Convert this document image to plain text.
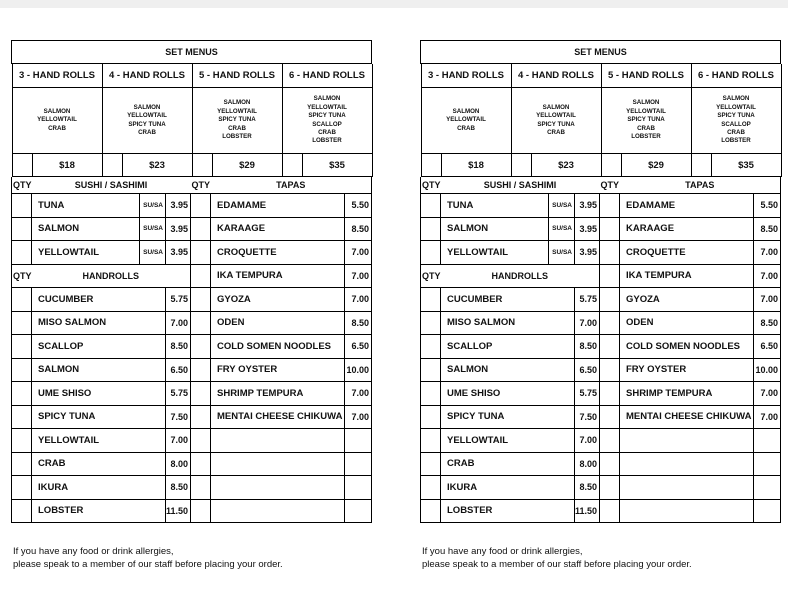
SET MENUS

3 - HAND ROLLS	4 - HAND ROLLS	5 - HAND ROLLS	6 - HAND ROLLS

SALMON
YELLOWTAIL
CRAB

SALMON
YELLOWTAIL
SPICY TUNA
CRAB

SALMON
YELLOWTAIL
SPICY TUNA
CRAB
LOBSTER

SALMON
YELLOWTAIL
SPICY TUNA
SCALLOP
CRAB
LOBSTER

	$18		$23		$29		$35

QTY	SUSHI / SASHIMI	QTY	TAPAS
	TUNA	SU/SA	3.95		EDAMAME	5.50
	SALMON	SU/SA	3.95		KARAAGE	8.50
	YELLOWTAIL	SU/SA	3.95		CROQUETTE	7.00
QTY	HANDROLLS		IKA TEMPURA	7.00
	CUCUMBER	5.75		GYOZA	7.00
	MISO SALMON	7.00		ODEN	8.50
	SCALLOP	8.50		COLD SOMEN NOODLES	6.50
	SALMON	6.50		FRY OYSTER	10.00
	UME SHISO	5.75		SHRIMP TEMPURA	7.00
	SPICY TUNA	7.50		MENTAI CHEESE CHIKUWA	7.00
	YELLOWTAIL	7.00			
	CRAB	8.00			
	IKURA	8.50			
	LOBSTER	11.50			
SET MENUS

3 - HAND ROLLS	4 - HAND ROLLS	5 - HAND ROLLS	6 - HAND ROLLS

SALMON
YELLOWTAIL
CRAB

SALMON
YELLOWTAIL
SPICY TUNA
CRAB

SALMON
YELLOWTAIL
SPICY TUNA
CRAB
LOBSTER

SALMON
YELLOWTAIL
SPICY TUNA
SCALLOP
CRAB
LOBSTER

	$18		$23		$29		$35

QTY	SUSHI / SASHIMI	QTY	TAPAS
	TUNA	SU/SA	3.95		EDAMAME	5.50
	SALMON	SU/SA	3.95		KARAAGE	8.50
	YELLOWTAIL	SU/SA	3.95		CROQUETTE	7.00
QTY	HANDROLLS		IKA TEMPURA	7.00
	CUCUMBER	5.75		GYOZA	7.00
	MISO SALMON	7.00		ODEN	8.50
	SCALLOP	8.50		COLD SOMEN NOODLES	6.50
	SALMON	6.50		FRY OYSTER	10.00
	UME SHISO	5.75		SHRIMP TEMPURA	7.00
	SPICY TUNA	7.50		MENTAI CHEESE CHIKUWA	7.00
	YELLOWTAIL	7.00			
	CRAB	8.00			
	IKURA	8.50			
	LOBSTER	11.50			
If you have any food or drink allergies,
please speak to a member of our staff before placing your order.
If you have any food or drink allergies,
please speak to a member of our staff before placing your order.
